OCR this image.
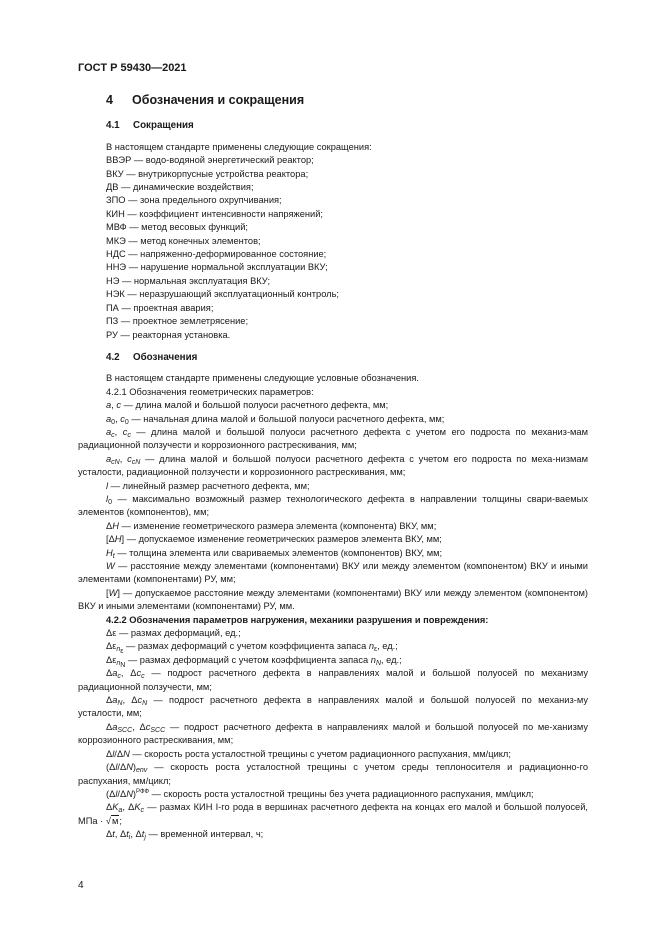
ГОСТ Р 59430—2021
4 Обозначения и сокращения
4.1 Сокращения

В настоящем стандарте применены следующие сокращения:

ВВЭР — водо-водяной энергетический реактор;
ВКУ — внутрикорпусные устройства реактора;
ДВ — динамические воздействия;
ЗПО — зона предельного охрупчивания;
КИН — коэффициент интенсивности напряжений;
МВФ — метод весовых функций;
МКЭ — метод конечных элементов;
НДС — напряженно-деформированное состояние;
ННЭ — нарушение нормальной эксплуатации ВКУ;
НЭ — нормальная эксплуатация ВКУ;
НЭК — неразрушающий эксплуатационный контроль;
ПА — проектная авария;
ПЗ — проектное землетрясение;
РУ — реакторная установка.
4.2 Обозначения

В настоящем стандарте применены следующие условные обозначения.

4.2.1 Обозначения геометрических параметров:

a, c — длина малой и большой полуоси расчетного дефекта, мм;

$a_0$, $c_0$ — начальная длина малой и большой полуоси расчетного дефекта, мм;

$a_c$, $c_c$ — длина малой и большой полуоси расчетного дефекта с учетом его подроста по механиз-мам радиационной ползучести и коррозионного растрескивания, мм;

$a_{cN}$, $c_{cN}$ — длина малой и большой полуоси расчетного дефекта с учетом его подроста по меха-низмам усталости, радиационной ползучести и коррозионного растрескивания, мм;

l — линейный размер расчетного дефекта, мм;

$l_0$ — максимально возможный размер технологического дефекта в направлении толщины свари-ваемых элементов (компонентов), мм;

ΔH — изменение геометрического размера элемента (компонента) ВКУ, мм;

[ΔH] — допускаемое изменение геометрических размеров элемента ВКУ, мм;

$H_t$ — толщина элемента или свариваемых элементов (компонентов) ВКУ, мм;

W — расстояние между элементами (компонентами) ВКУ или между элементом (компонентом) ВКУ и иными элементами (компонентами) РУ, мм;

[W] — допускаемое расстояние между элементами (компонентами) ВКУ или между элементом (компонентом) ВКУ и иными элементами (компонентами) РУ, мм.

4.2.2 Обозначения параметров нагружения, механики разрушения и повреждения:

Δε — размах деформаций, ед.;

$\Delta\varepsilon_{n_\varepsilon}$ — размах деформаций с учетом коэффициента запаса $n_\varepsilon$, ед.;

$\Delta\varepsilon_{n_N}$ — размах деформаций с учетом коэффициента запаса $n_N$, ед.;

$\Delta a_c$, $\Delta c_c$ — подрост расчетного дефекта в направлениях малой и большой полуосей по механизму радиационной ползучести, мм;

$\Delta a_N$, $\Delta c_N$ — подрост расчетного дефекта в направлениях малой и большой полуосей по механиз-му усталости, мм;

$\Delta a_{SCC}$, $\Delta c_{SCC}$ — подрост расчетного дефекта в направлениях малой и большой полуосей по ме-ханизму коррозионного растрескивания, мм;

Δl/ΔN — скорость роста усталостной трещины с учетом радиационного распухания, мм/цикл;

$(\Delta l/\Delta N)_{env}$ — скорость роста усталостной трещины с учетом среды теплоносителя и радиационно-го распухания, мм/цикл;

$(\Delta l/\Delta N)^{РФФ}$ — скорость роста усталостной трещины без учета радиационного распухания, мм/цикл;

$\Delta K_a$, $\Delta K_c$ — размах КИН I-го рода в вершинах расчетного дефекта на концах его малой и большой полуосей, МПа · √м;

Δt, $\Delta t_i$, $\Delta t_j$ — временной интервал, ч;

4
